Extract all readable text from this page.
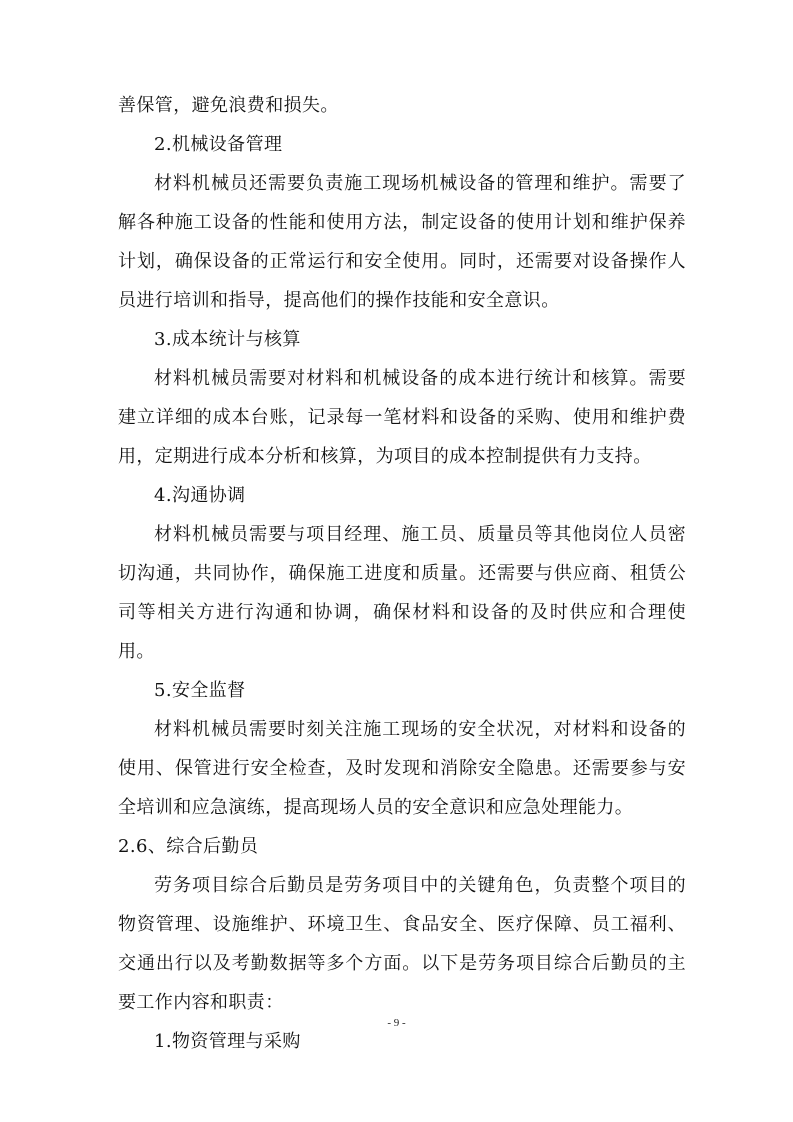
善保管，避免浪费和损失。
2.机械设备管理
材料机械员还需要负责施工现场机械设备的管理和维护。需要了
解各种施工设备的性能和使用方法，制定设备的使用计划和维护保养
计划，确保设备的正常运行和安全使用。同时，还需要对设备操作人
员进行培训和指导，提高他们的操作技能和安全意识。
3.成本统计与核算
材料机械员需要对材料和机械设备的成本进行统计和核算。需要
建立详细的成本台账，记录每一笔材料和设备的采购、使用和维护费
用，定期进行成本分析和核算，为项目的成本控制提供有力支持。
4.沟通协调
材料机械员需要与项目经理、施工员、质量员等其他岗位人员密
切沟通，共同协作，确保施工进度和质量。还需要与供应商、租赁公
司等相关方进行沟通和协调，确保材料和设备的及时供应和合理使
用。
5.安全监督
材料机械员需要时刻关注施工现场的安全状况，对材料和设备的
使用、保管进行安全检查，及时发现和消除安全隐患。还需要参与安
全培训和应急演练，提高现场人员的安全意识和应急处理能力。
2.6、综合后勤员
劳务项目综合后勤员是劳务项目中的关键角色，负责整个项目的
物资管理、设施维护、环境卫生、食品安全、医疗保障、员工福利、
交通出行以及考勤数据等多个方面。以下是劳务项目综合后勤员的主
要工作内容和职责：
1.物资管理与采购
- 9 -
